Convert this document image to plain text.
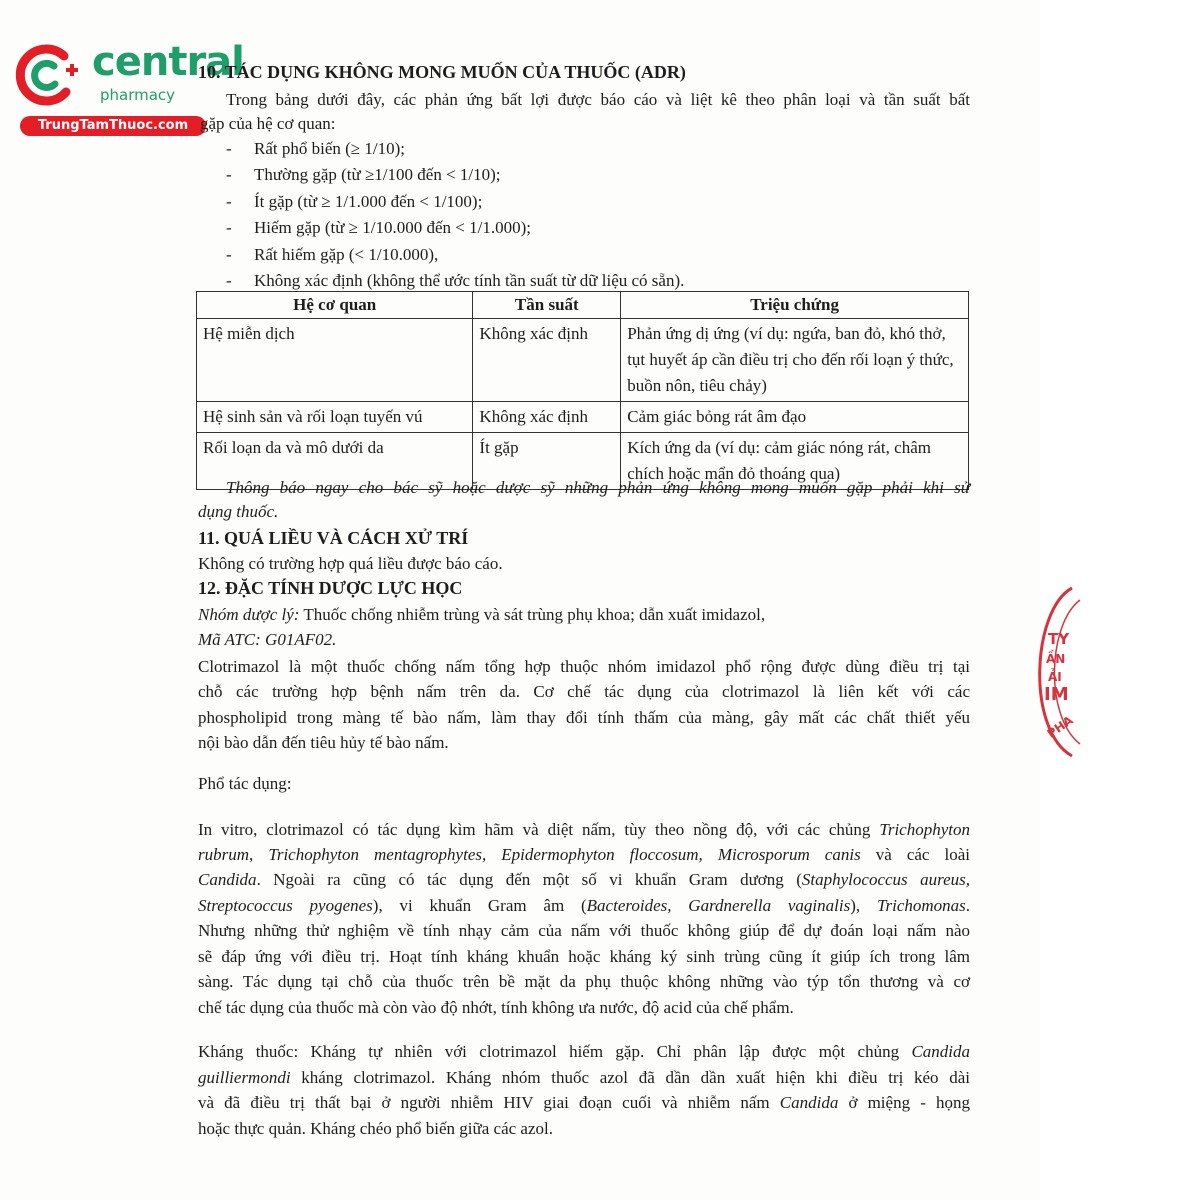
central
pharmacy
TrungTamThuoc.com
10. TÁC DỤNG KHÔNG MONG MUỐN CỦA THUỐC (ADR)
Trong bảng dưới đây, các phản ứng bất lợi được báo cáo và liệt kê theo phân loại và tần suất bất
gặp của hệ cơ quan:
- Rất phổ biến (≥ 1/10);
- Thường gặp (từ ≥1/100 đến < 1/10);
- Ít gặp (từ ≥ 1/1.000 đến < 1/100);
- Hiếm gặp (từ ≥ 1/10.000 đến < 1/1.000);
- Rất hiếm gặp (< 1/10.000),
- Không xác định (không thể ước tính tần suất từ dữ liệu có sẵn).
Hệ cơ quan	Tần suất	Triệu chứng
Hệ miễn dịch	Không xác định	Phản ứng dị ứng (ví dụ: ngứa, ban đỏ, khó thở, tụt huyết áp cần điều trị cho đến rối loạn ý thức, buồn nôn, tiêu chảy)
Hệ sinh sản và rối loạn tuyến vú	Không xác định	Cảm giác bỏng rát âm đạo
Rối loạn da và mô dưới da	Ít gặp	Kích ứng da (ví dụ: cảm giác nóng rát, châm chích hoặc mẩn đỏ thoáng qua)
Thông báo ngay cho bác sỹ hoặc dược sỹ những phản ứng không mong muốn gặp phải khi sử
dụng thuốc.
11. QUÁ LIỀU VÀ CÁCH XỬ TRÍ
Không có trường hợp quá liều được báo cáo.
12. ĐẶC TÍNH DƯỢC LỰC HỌC
Nhóm dược lý: Thuốc chống nhiễm trùng và sát trùng phụ khoa; dẫn xuất imidazol,
Mã ATC: G01AF02.
Clotrimazol là một thuốc chống nấm tổng hợp thuộc nhóm imidazol phổ rộng được dùng điều trị tại
chỗ các trường hợp bệnh nấm trên da. Cơ chế tác dụng của clotrimazol là liên kết với các
phospholipid trong màng tế bào nấm, làm thay đổi tính thấm của màng, gây mất các chất thiết yếu
nội bào dẫn đến tiêu hủy tế bào nấm.
Phổ tác dụng:
In vitro, clotrimazol có tác dụng kìm hãm và diệt nấm, tùy theo nồng độ, với các chủng Trichophyton
rubrum, Trichophyton mentagrophytes, Epidermophyton floccosum, Microsporum canis và các loài
Candida. Ngoài ra cũng có tác dụng đến một số vi khuẩn Gram dương (Staphylococcus aureus,
Streptococcus pyogenes), vi khuẩn Gram âm (Bacteroides, Gardnerella vaginalis), Trichomonas.
Nhưng những thử nghiệm về tính nhạy cảm của nấm với thuốc không giúp để dự đoán loại nấm nào
sẽ đáp ứng với điều trị. Hoạt tính kháng khuẩn hoặc kháng ký sinh trùng cũng ít giúp ích trong lâm
sàng. Tác dụng tại chỗ của thuốc trên bề mặt da phụ thuộc không những vào týp tổn thương và cơ
chế tác dụng của thuốc mà còn vào độ nhớt, tính không ưa nước, độ acid của chế phẩm.
Kháng thuốc: Kháng tự nhiên với clotrimazol hiếm gặp. Chỉ phân lập được một chủng Candida
guilliermondi kháng clotrimazol. Kháng nhóm thuốc azol đã dần dần xuất hiện khi điều trị kéo dài
và đã điều trị thất bại ở người nhiễm HIV giai đoạn cuối và nhiễm nấm Candida ở miệng - họng
hoặc thực quản. Kháng chéo phổ biến giữa các azol.
TY
ẦN
ẢI
IM
PHA
